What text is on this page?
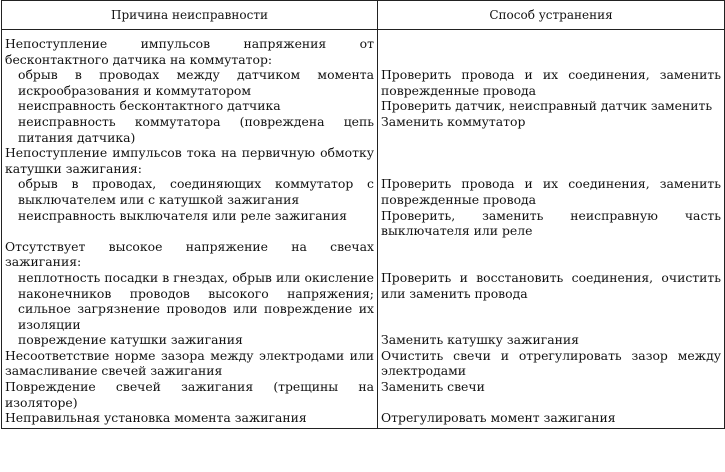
Причина неисправности	Способ устранения
Непоступление импульсов напряжения от бесконтактного датчика на коммутатор:	
обрыв в проводах между датчиком момента искрообразования и коммутатором	Проверить провода и их соединения, заменить поврежденные провода
неисправность бесконтактного датчика	Проверить датчик, неисправный датчик заменить
неисправность коммутатора (повреждена цепь питания датчика)	Заменить коммутатор
Непоступление импульсов тока на первичную обмотку катушки зажигания:	
обрыв в проводах, соединяющих коммутатор с выключателем или с катушкой зажигания	Проверить провода и их соединения, заменить поврежденные провода
неисправность выключателя или реле зажигания	Проверить, заменить неисправную часть выключателя или реле
Отсутствует высокое напряжение на свечах зажигания:	
неплотность посадки в гнездах, обрыв или окисление наконечников проводов высокого напряжения; сильное загрязнение проводов или повреждение их изоляции	Проверить и восстановить соединения, очистить или заменить провода
повреждение катушки зажигания	Заменить катушку зажигания
Несоответствие норме зазора между электродами или замасливание свечей зажигания	Очистить свечи и отрегулировать зазор между электродами
Повреждение свечей зажигания (трещины на изоляторе)	Заменить свечи
Неправильная установка момента зажигания	Отрегулировать момент зажигания
